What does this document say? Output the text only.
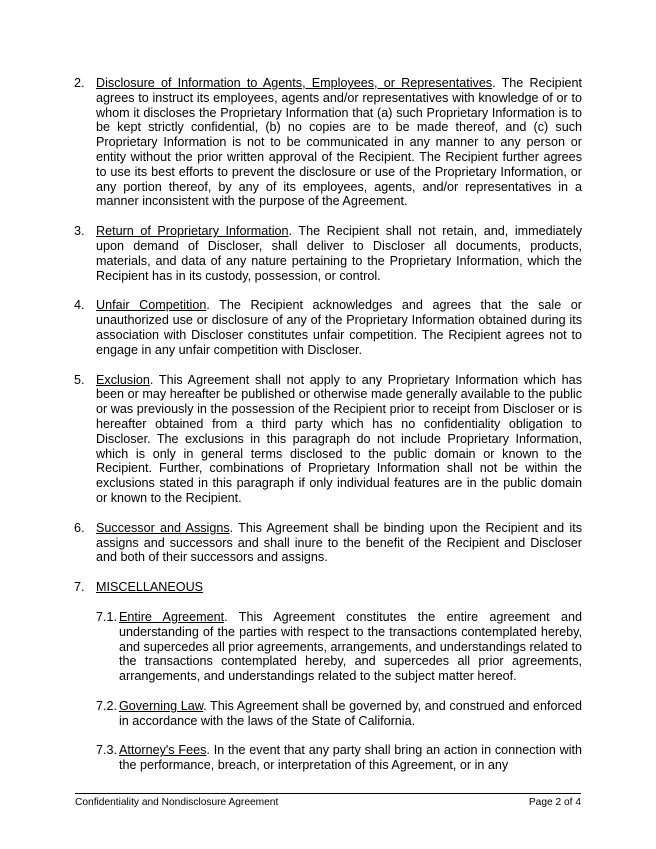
2. Disclosure of Information to Agents, Employees, or Representatives. The Recipient agrees to instruct its employees, agents and/or representatives with knowledge of or to whom it discloses the Proprietary Information that (a) such Proprietary Information is to be kept strictly confidential, (b) no copies are to be made thereof, and (c) such Proprietary Information is not to be communicated in any manner to any person or entity without the prior written approval of the Recipient. The Recipient further agrees to use its best efforts to prevent the disclosure or use of the Proprietary Information, or any portion thereof, by any of its employees, agents, and/or representatives in a manner inconsistent with the purpose of the Agreement.
3. Return of Proprietary Information. The Recipient shall not retain, and, immediately upon demand of Discloser, shall deliver to Discloser all documents, products, materials, and data of any nature pertaining to the Proprietary Information, which the Recipient has in its custody, possession, or control.
4. Unfair Competition. The Recipient acknowledges and agrees that the sale or unauthorized use or disclosure of any of the Proprietary Information obtained during its association with Discloser constitutes unfair competition. The Recipient agrees not to engage in any unfair competition with Discloser.
5. Exclusion. This Agreement shall not apply to any Proprietary Information which has been or may hereafter be published or otherwise made generally available to the public or was previously in the possession of the Recipient prior to receipt from Discloser or is hereafter obtained from a third party which has no confidentiality obligation to Discloser. The exclusions in this paragraph do not include Proprietary Information, which is only in general terms disclosed to the public domain or known to the Recipient. Further, combinations of Proprietary Information shall not be within the exclusions stated in this paragraph if only individual features are in the public domain or known to the Recipient.
6. Successor and Assigns. This Agreement shall be binding upon the Recipient and its assigns and successors and shall inure to the benefit of the Recipient and Discloser and both of their successors and assigns.
7. MISCELLANEOUS
7.1. Entire Agreement. This Agreement constitutes the entire agreement and understanding of the parties with respect to the transactions contemplated hereby, and supercedes all prior agreements, arrangements, and understandings related to the transactions contemplated hereby, and supercedes all prior agreements, arrangements, and understandings related to the subject matter hereof.
7.2. Governing Law. This Agreement shall be governed by, and construed and enforced in accordance with the laws of the State of California.
7.3. Attorney's Fees. In the event that any party shall bring an action in connection with the performance, breach, or interpretation of this Agreement, or in any
Confidentiality and Nondisclosure Agreement	Page 2 of 4
